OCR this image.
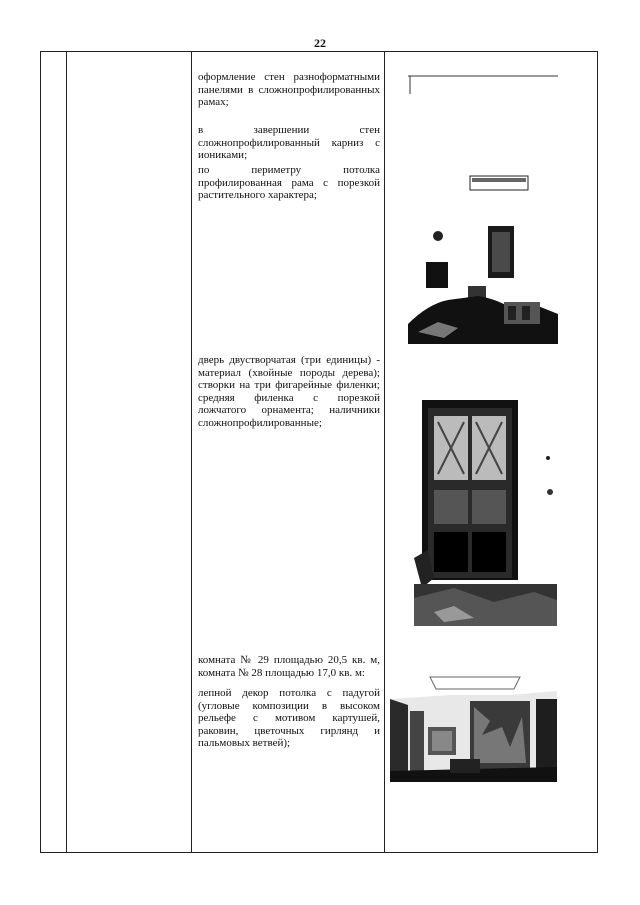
22
оформление стен разноформатными панелями в сложнопрофилированных рамах;
в завершении стен сложнопрофилированный карниз с иониками;
по периметру потолка профилированная рама с порезкой растительного характера;
дверь двустворчатая (три единицы) - материал (хвойные породы дерева); створки на три фигарейные филенки; средняя филенка с порезкой ложчатого орнамента; наличники сложнопрофилированные;
комната № 29 площадью 20,5 кв. м, комната № 28 площадью 17,0 кв. м:
лепной декор потолка с падугой (угловые композиции в высоком рельефе с мотивом картушей, раковин, цветочных гирлянд и пальмовых ветвей);
